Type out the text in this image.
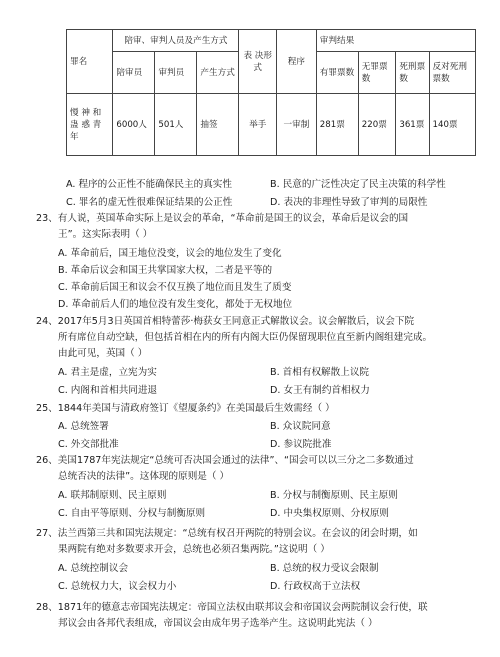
罪名	陪审、审判人员及产生方式			表 决形式	程序	审判结果			
	陪审员	审判员	产生方式			有罪票数	无罪票数	死刑票数	反对死刑票数
慢 神 和蛊 惑 青年	6000人	501人	抽签	举手	一审制	281票	220票	361票	140票
A. 程序的公正性不能确保民主的真实性	B. 民意的广泛性决定了民主决策的科学性
C. 罪名的虚无性很难保证结果的公正性	D. 表决的非理性导致了审判的局限性
23、有人说，英国革命实际上是议会的革命，“革命前是国王的议会，革命后是议会的国
王”。这实际表明（ ）
A. 革命前后，国王地位没变，议会的地位发生了变化
B. 革命后议会和国王共掌国家大权，二者是平等的
C. 革命前后国王和议会不仅互换了地位而且发生了质变
D. 革命前后人们的地位没有发生变化，都处于无权地位
24、2017年5月3日英国首相特蕾莎·梅获女王同意正式解散议会。议会解散后，议会下院
所有席位自动空缺，但包括首相在内的所有内阁大臣仍保留现职位直至新内阁组建完成。
由此可见，英国（ ）
A. 君主是虚，立宪为实	B. 首相有权解散上议院
C. 内阁和首相共同进退	D. 女王有制约首相权力
25、1844年美国与清政府签订《望厦条约》在美国最后生效需经（ ）
A. 总统签署	B. 众议院同意
C. 外交部批准	D. 参议院批准
26、美国1787年宪法规定“总统可否决国会通过的法律”、“国会可以以三分之二多数通过
总统否决的法律”。这体现的原则是（ ）
A. 联邦制原则、民主原则	B. 分权与制衡原则、民主原则
C. 自由平等原则、分权与制衡原则	D. 中央集权原则、分权原则
27、法兰西第三共和国宪法规定：“总统有权召开两院的特别会议。在会议的闭会时期，如
果两院有绝对多数要求开会，总统也必须召集两院。”这说明（ ）
A. 总统控制议会	B. 总统的权力受议会限制
C. 总统权力大，议会权力小	D. 行政权高于立法权
28、1871年的德意志帝国宪法规定：帝国立法权由联邦议会和帝国议会两院制议会行使，联
邦议会由各邦代表组成，帝国议会由成年男子选举产生。这说明此宪法（ ）
